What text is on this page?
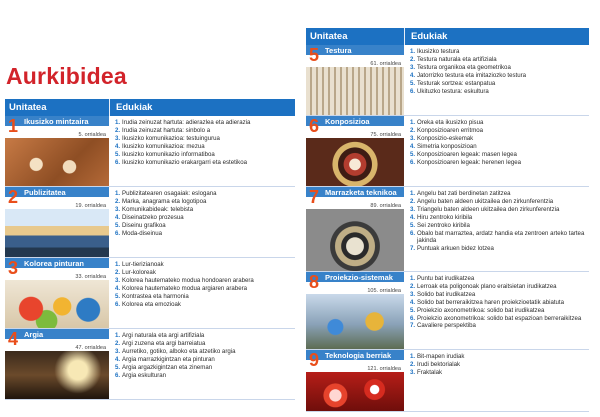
Aurkibidea
Unitatea	Edukiak
1 Ikusizko mintzaira
5. orrialdea
1. Irudia zeinuzat hartuta: adierazlea eta adierazia
2. Irudia zeinuzat hartuta: sinbolo a
3. Ikusizko komunikazioa: testuinguruа
4. Ikusizko komunikazioa: mezua
5. Ikusizko komunikazio informatiboa
6. Ikusizko komunikazio erakargarri eta estetikoa
2 Publizitatea
19. orrialdea
1. Publizitatearen osagaiak: eslogana
2. Marka, anagrama eta logotipoa
3. Komunikabideak: telebista
4. Diseinatzeko prozesua
5. Diseinu grafikoa
6. Moda-diseinua
3 Kolorea pinturan
33. orrialdea
1. Lur-tierizianoak
2. Lur-koloreak
3. Kolorea hautemateko modua hondoaren arabera
4. Kolorea hautemateko modua argiaren arabera
5. Kontrastea eta harmonia
6. Kolorea eta emozioak
4 Argia
47. orrialdea
1. Argi naturala eta argi artifiziala
2. Argi zuzena eta argi barreiatua
3. Aurretiko, gotiko, alboko eta atzetiko argia
4. Argia marrazkigintzan eta pinturan
5. Argia argazkigintzan eta zineman
6. Argia eskulturan
Unitatea	Edukiak
5 Testura
61. orrialdea
1. Ikusizko testura
2. Testura naturala eta artifiziala
3. Testura organikoa eta geometrikoa
4. Jatorrizko testura eta imitaziozko testura
5. Testurak sortzea: estanpatua
6. Ukituzko testura: eskultura
6 Konposizioa
75. orrialdea
1. Oreka eta ikusizko pisua
2. Konposizioaren erritmoa
3. Konposizio-eskemak
4. Simetria konposizioan
5. Konposizioaren legeak: masen legea
6. Konposizioaren legeak: herenen legea
7 Marrazketa teknikoa
89. orrialdea
1. Angelu bat zati berdinetan zatitzea
2. Angelu baten aldeen ukitzailea den zirkunferentzia
3. Triangelu baten aldeen ukitzailea den zirkunferentzia
4. Hiru zentroko kiribila
5. Sei zentroko kiribila
6. Obalo bat marraztea, ardatz handia eta zentroen arteko tartea jakinda
7. Puntuak arkuen bidez lotzea
8 Proiekzio-sistemak
105. orrialdea
1. Puntu bat irudikatzea
2. Lerroak eta poligonoak plano eraitsietan irudikatzea
3. Solido bat irudikatzea
4. Solido bat berreraikitzea haren proiekzioetatik abiatuta
5. Proiekzio axonometrikoa: solido bat irudikatzea
6. Proiekzio axonometrikoa: solido bat espazioan berreraikitzea
7. Cavaliere perspektiba
9 Teknologia berriak
121. orrialdea
1. Bit-mapen irudiak
2. Irudi bektorialak
3. Fraktalak
